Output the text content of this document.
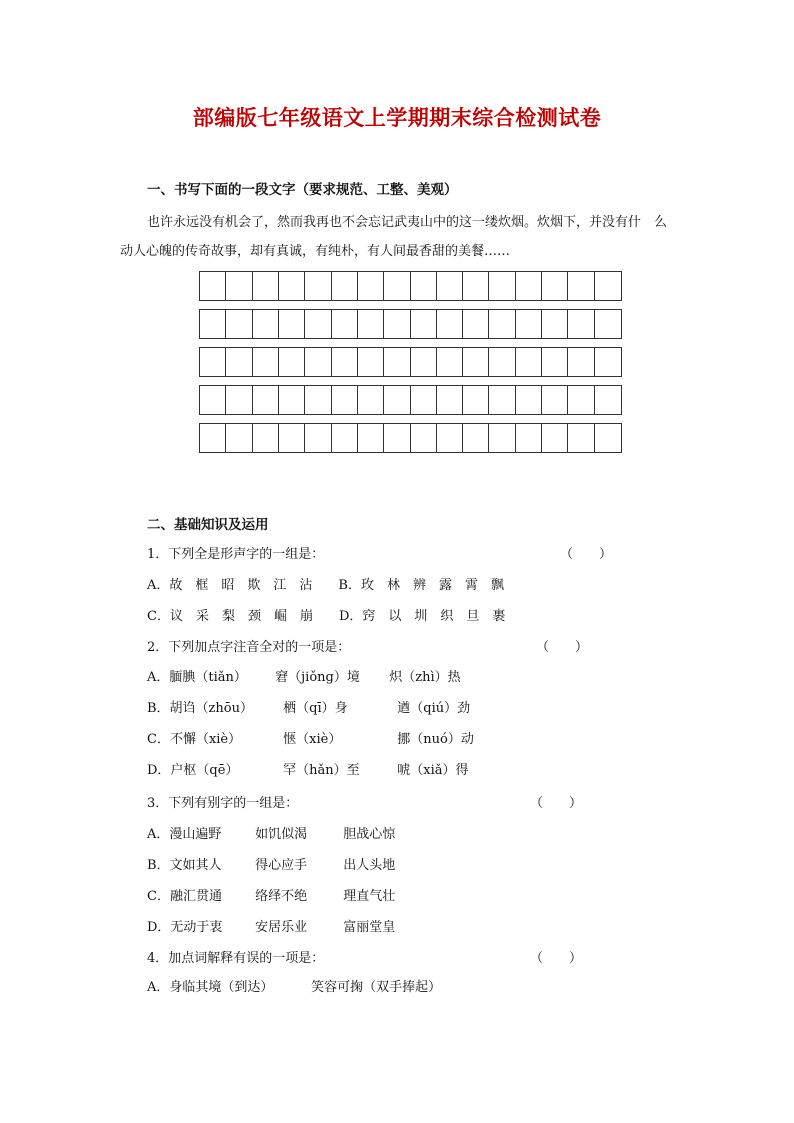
部编版七年级语文上学期期末综合检测试卷
一、书写下面的一段文字（要求规范、工整、美观）
也许永远没有机会了，然而我再也不会忘记武夷山中的这一缕炊烟。炊烟下，并没有什　么
动人心魄的传奇故事，却有真诚，有纯朴，有人间最香甜的美餐……
二、基础知识及运用
1．下列全是形声字的一组是：	（　　）
A．故　框　昭　欺　江　沾 B．玫　林　辨　露　霄　飘
C．议　采　梨　颈　崛　崩 D．窍　以　圳　织　旦　裹
2．下列加点字注音全对的一项是：	（　　）
A．腼腆（tiǎn） 窘（jiǒng）境 炽（zhì）热
B．胡诌（zhōu） 栖（qī）身	遒（qiú）劲
C．不懈（xiè）	惬（xiè）	挪（nuó）动
D．户枢（qē）	罕（hǎn）至	唬（xiǎ）得
3．下列有别字的一组是：	（　　）
A．漫山遍野	如饥似渴	胆战心惊
B．文如其人	得心应手	出人头地
C．融汇贯通	络绎不绝	理直气壮
D．无动于衷	安居乐业	富丽堂皇
4．加点词解释有误的一项是：	（　　）
A．身临其境（到达）	笑容可掬（双手捧起）
